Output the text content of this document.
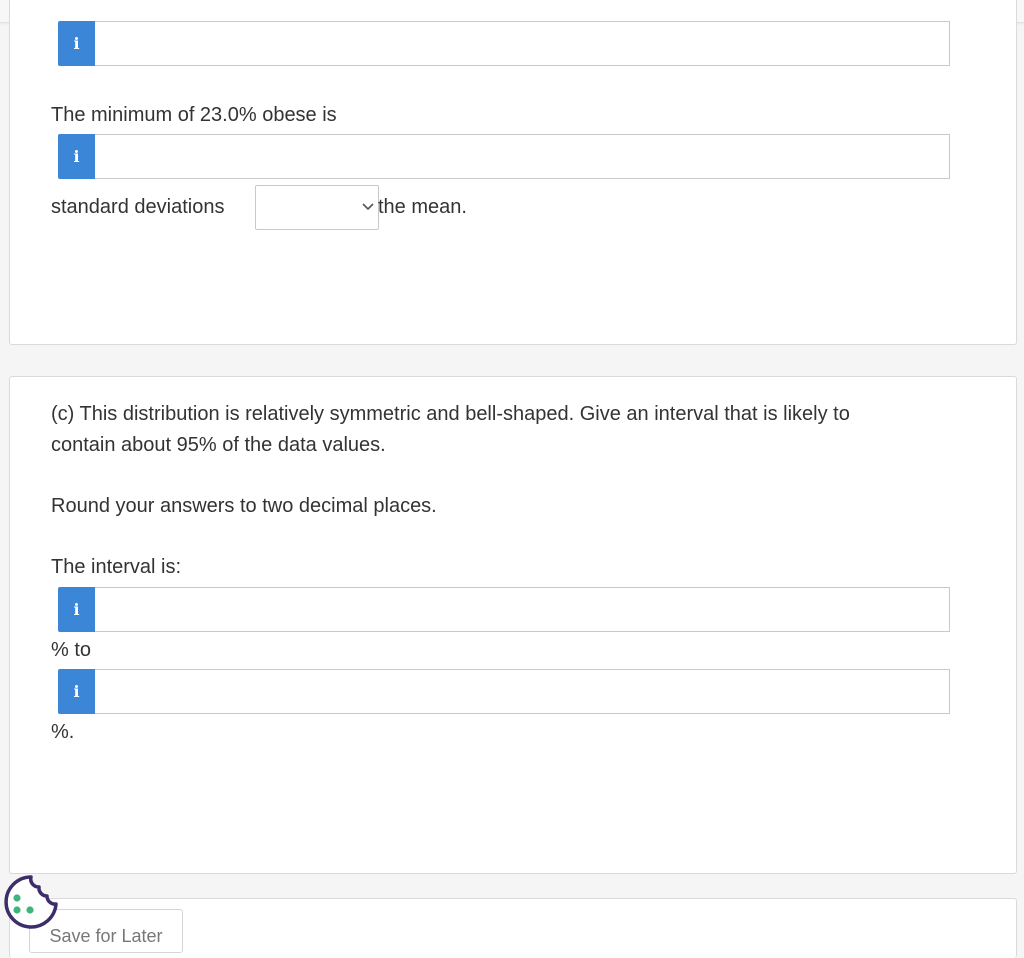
i
The minimum of 23.0% obese is
i
standard deviations	the mean.
(c) This distribution is relatively symmetric and bell-shaped. Give an interval that is likely to
contain about 95% of the data values.
Round your answers to two decimal places.
The interval is:
i
% to
i
%.
Save for Later
